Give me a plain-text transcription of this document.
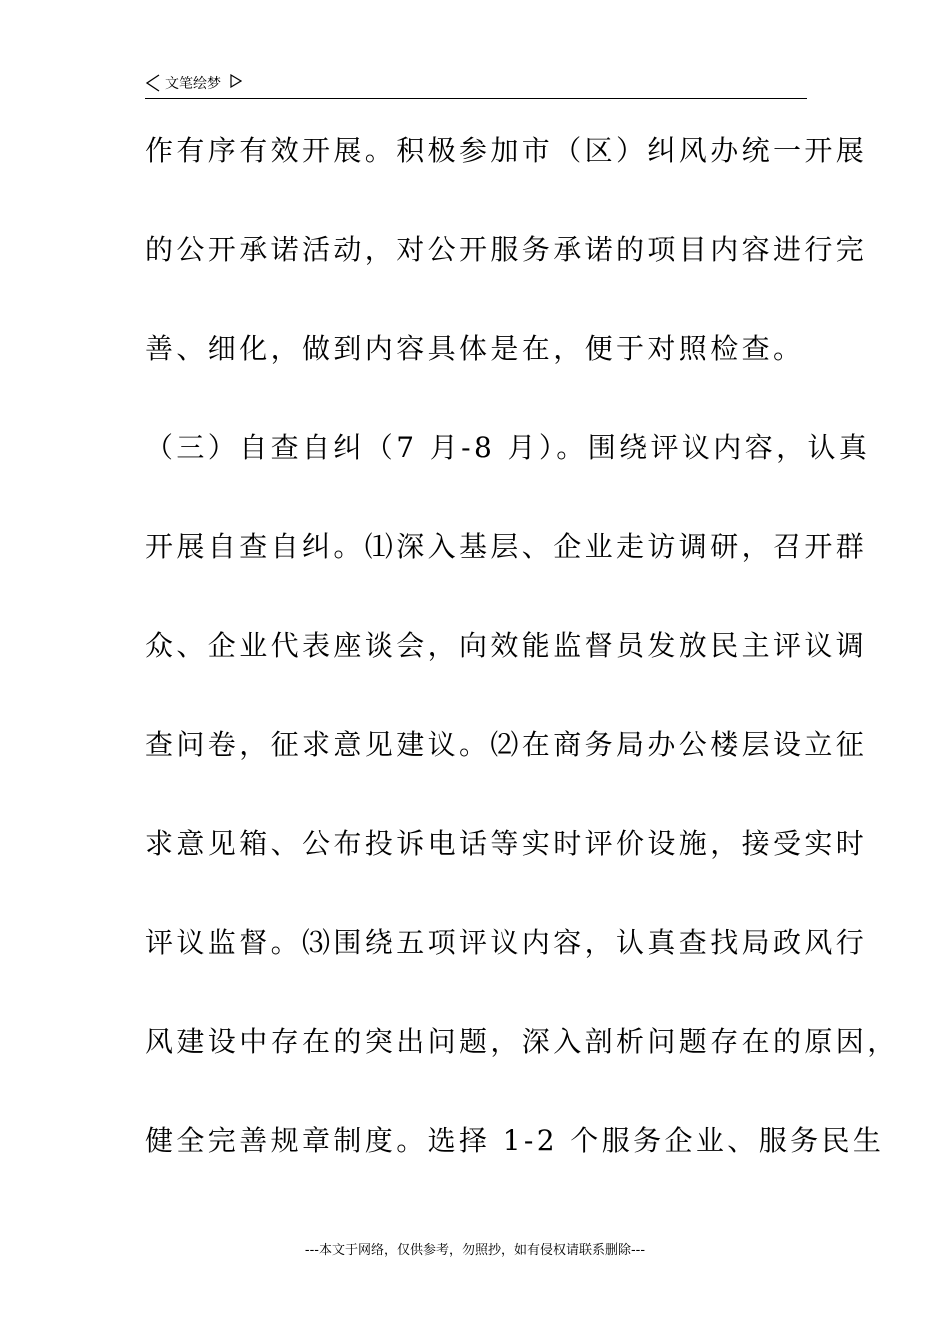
文笔绘梦
作有序有效开展。积极参加市（区）纠风办统一开展
的公开承诺活动，对公开服务承诺的项目内容进行完
善、细化，做到内容具体是在，便于对照检查。
（三）自查自纠（7 月-8 月）。围绕评议内容，认真
开展自查自纠。⑴深入基层、企业走访调研，召开群
众、企业代表座谈会，向效能监督员发放民主评议调
查问卷，征求意见建议。⑵在商务局办公楼层设立征
求意见箱、公布投诉电话等实时评价设施，接受实时
评议监督。⑶围绕五项评议内容，认真查找局政风行
风建设中存在的突出问题，深入剖析问题存在的原因，
健全完善规章制度。选择 1-2 个服务企业、服务民生
---本文于网络，仅供参考，勿照抄，如有侵权请联系删除---
